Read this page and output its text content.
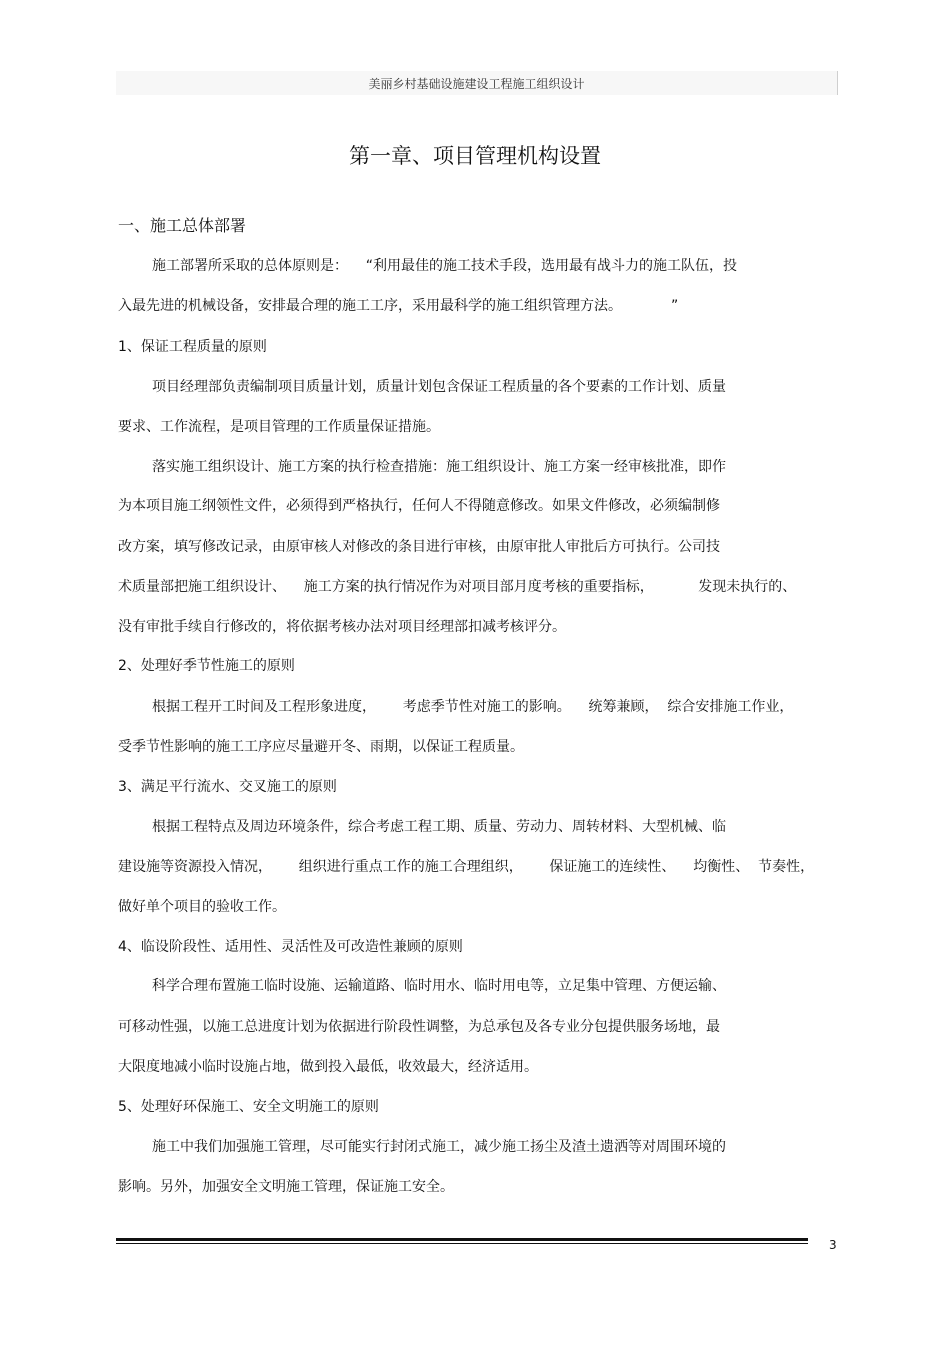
美丽乡村基础设施建设工程施工组织设计
第一章、项目管理机构设置
一、施工总体部署
施工部署所采取的总体原则是：    “利用最佳的施工技术手段，选用最有战斗力的施工队伍，投
入最先进的机械设备，安排最合理的施工工序，采用最科学的施工组织管理方法。           ”
1、保证工程质量的原则
项目经理部负责编制项目质量计划，质量计划包含保证工程质量的各个要素的工作计划、质量
要求、工作流程，是项目管理的工作质量保证措施。
落实施工组织设计、施工方案的执行检查措施：施工组织设计、施工方案一经审核批准，即作
为本项目施工纲领性文件，必须得到严格执行，任何人不得随意修改。如果文件修改，必须编制修
改方案，填写修改记录，由原审核人对修改的条目进行审核，由原审批人审批后方可执行。公司技
术质量部把施工组织设计、    施工方案的执行情况作为对项目部月度考核的重要指标，          发现未执行的、
没有审批手续自行修改的，将依据考核办法对项目经理部扣减考核评分。
2、处理好季节性施工的原则
根据工程开工时间及工程形象进度，      考虑季节性对施工的影响。    统筹兼顾，  综合安排施工作业，
受季节性影响的施工工序应尽量避开冬、雨期，以保证工程质量。
3、满足平行流水、交叉施工的原则
根据工程特点及周边环境条件，综合考虑工程工期、质量、劳动力、周转材料、大型机械、临
建设施等资源投入情况，      组织进行重点工作的施工合理组织，      保证施工的连续性、    均衡性、  节奏性，
做好单个项目的验收工作。
4、临设阶段性、适用性、灵活性及可改造性兼顾的原则
科学合理布置施工临时设施、运输道路、临时用水、临时用电等，立足集中管理、方便运输、
可移动性强，以施工总进度计划为依据进行阶段性调整，为总承包及各专业分包提供服务场地，最
大限度地减小临时设施占地，做到投入最低，收效最大，经济适用。
5、处理好环保施工、安全文明施工的原则
施工中我们加强施工管理，尽可能实行封闭式施工，减少施工扬尘及渣土遗洒等对周围环境的
影响。另外，加强安全文明施工管理，保证施工安全。
3
